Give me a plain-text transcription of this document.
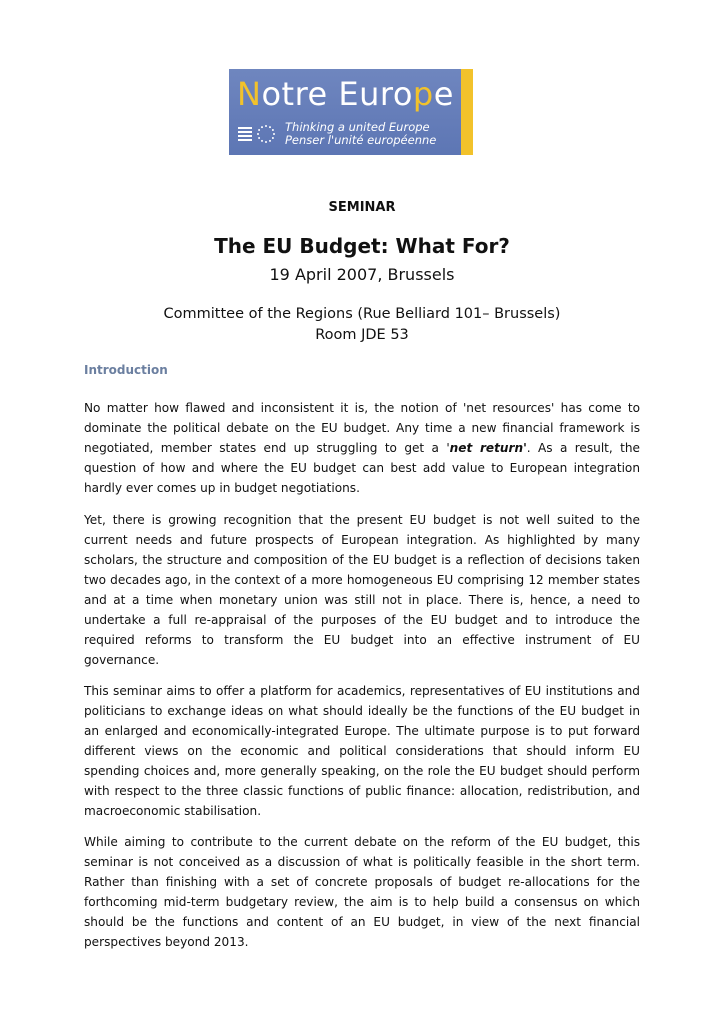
Notre Europe
Thinking a united Europe
Penser l'unité européenne
SEMINAR
The EU Budget: What For?
19 April 2007, Brussels
Committee of the Regions (Rue Belliard 101– Brussels)
Room JDE 53
Introduction

No matter how flawed and inconsistent it is, the notion of 'net resources' has come to dominate the political debate on the EU budget. Any time a new financial framework is negotiated, member states end up struggling to get a 'net return'. As a result, the question of how and where the EU budget can best add value to European integration hardly ever comes up in budget negotiations.

Yet, there is growing recognition that the present EU budget is not well suited to the current needs and future prospects of European integration. As highlighted by many scholars, the structure and composition of the EU budget is a reflection of decisions taken two decades ago, in the context of a more homogeneous EU comprising 12 member states and at a time when monetary union was still not in place. There is, hence, a need to undertake a full re-appraisal of the purposes of the EU budget and to introduce the required reforms to transform the EU budget into an effective instrument of EU governance.

This seminar aims to offer a platform for academics, representatives of EU institutions and politicians to exchange ideas on what should ideally be the functions of the EU budget in an enlarged and economically-integrated Europe. The ultimate purpose is to put forward different views on the economic and political considerations that should inform EU spending choices and, more generally speaking, on the role the EU budget should perform with respect to the three classic functions of public finance: allocation, redistribution, and macroeconomic stabilisation.

While aiming to contribute to the current debate on the reform of the EU budget, this seminar is not conceived as a discussion of what is politically feasible in the short term. Rather than finishing with a set of concrete proposals of budget re-allocations for the forthcoming mid-term budgetary review, the aim is to help build a consensus on which should be the functions and content of an EU budget, in view of the next financial perspectives beyond 2013.
